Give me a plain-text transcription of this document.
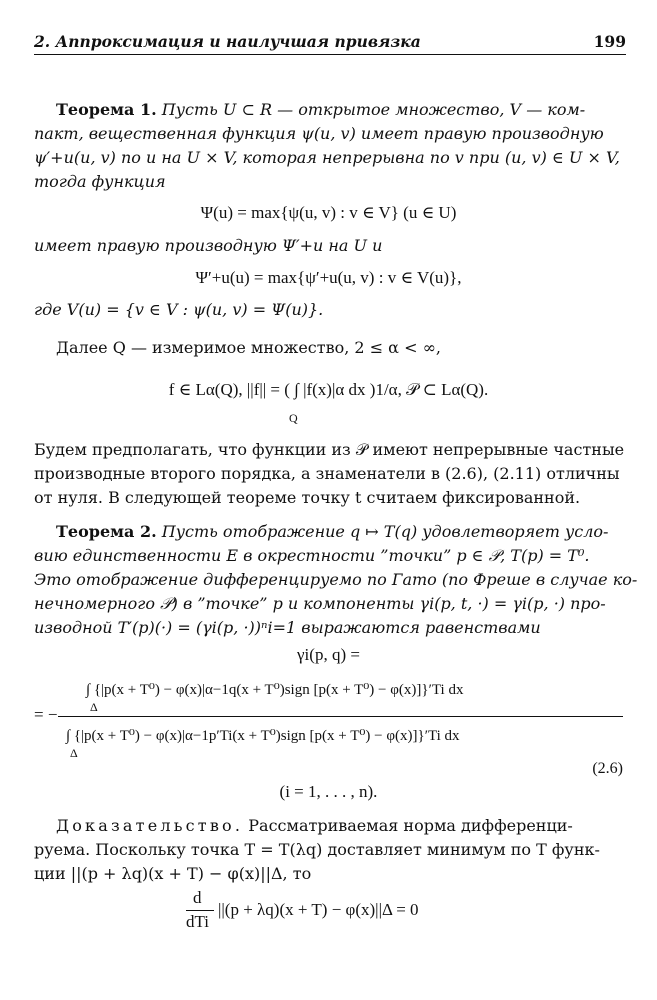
2. Аппроксимация и наилучшая привязка	199
Теорема 1. Пусть U ⊂ R — открытое множество, V — ком-
пакт, вещественная функция ψ(u, v) имеет правую производную
ψ′+u(u, v) по u на U × V, которая непрерывна по v при (u, v) ∈ U × V,
тогда функция
Ψ(u) = max{ψ(u, v) : v ∈ V} (u ∈ U)
имеет правую производную Ψ′+u на U и
Ψ′+u(u) = max{ψ′+u(u, v) : v ∈ V(u)},
где V(u) = {v ∈ V : ψ(u, v) = Ψ(u)}.
Далее Q — измеримое множество, 2 ≤ α < ∞,
f ∈ Lα(Q), ||f|| = ( ∫ |f(x)|α dx )1/α, 𝒫 ⊂ Lα(Q).
Q
Будем предполагать, что функции из 𝒫 имеют непрерывные частные
производные второго порядка, а знаменатели в (2.6), (2.11) отличны
от нуля. В следующей теореме точку t считаем фиксированной.
Теорема 2. Пусть отображение q ↦ T(q) удовлетворяет усло-
вию единственности E в окрестности ”точки” p ∈ 𝒫, T(p) = T⁰.
Это отображение дифференцируемо по Гато (по Фреше в случае ко-
нечномерного 𝒫) в ”точке” p и компоненты γi(p, t, ·) = γi(p, ·) про-
изводной T′(p)(·) = (γi(p, ·))ⁿi=1 выражаются равенствами
γi(p, q) =
∫ {|p(x + T⁰) − φ(x)|α−1q(x + T⁰)sign [p(x + T⁰) − φ(x)]}′Ti dx
Δ
= −
∫ {|p(x + T⁰) − φ(x)|α−1p′Ti(x + T⁰)sign [p(x + T⁰) − φ(x)]}′Ti dx
Δ
(2.6)
(i = 1, . . . , n).
Доказательство. Рассматриваемая норма дифференци-
руема. Поскольку точка T = T(λq) доставляет минимум по T функ-
ции ||(p + λq)(x + T) − φ(x)||Δ, то
d
dTi
||(p + λq)(x + T) − φ(x)||Δ = 0
